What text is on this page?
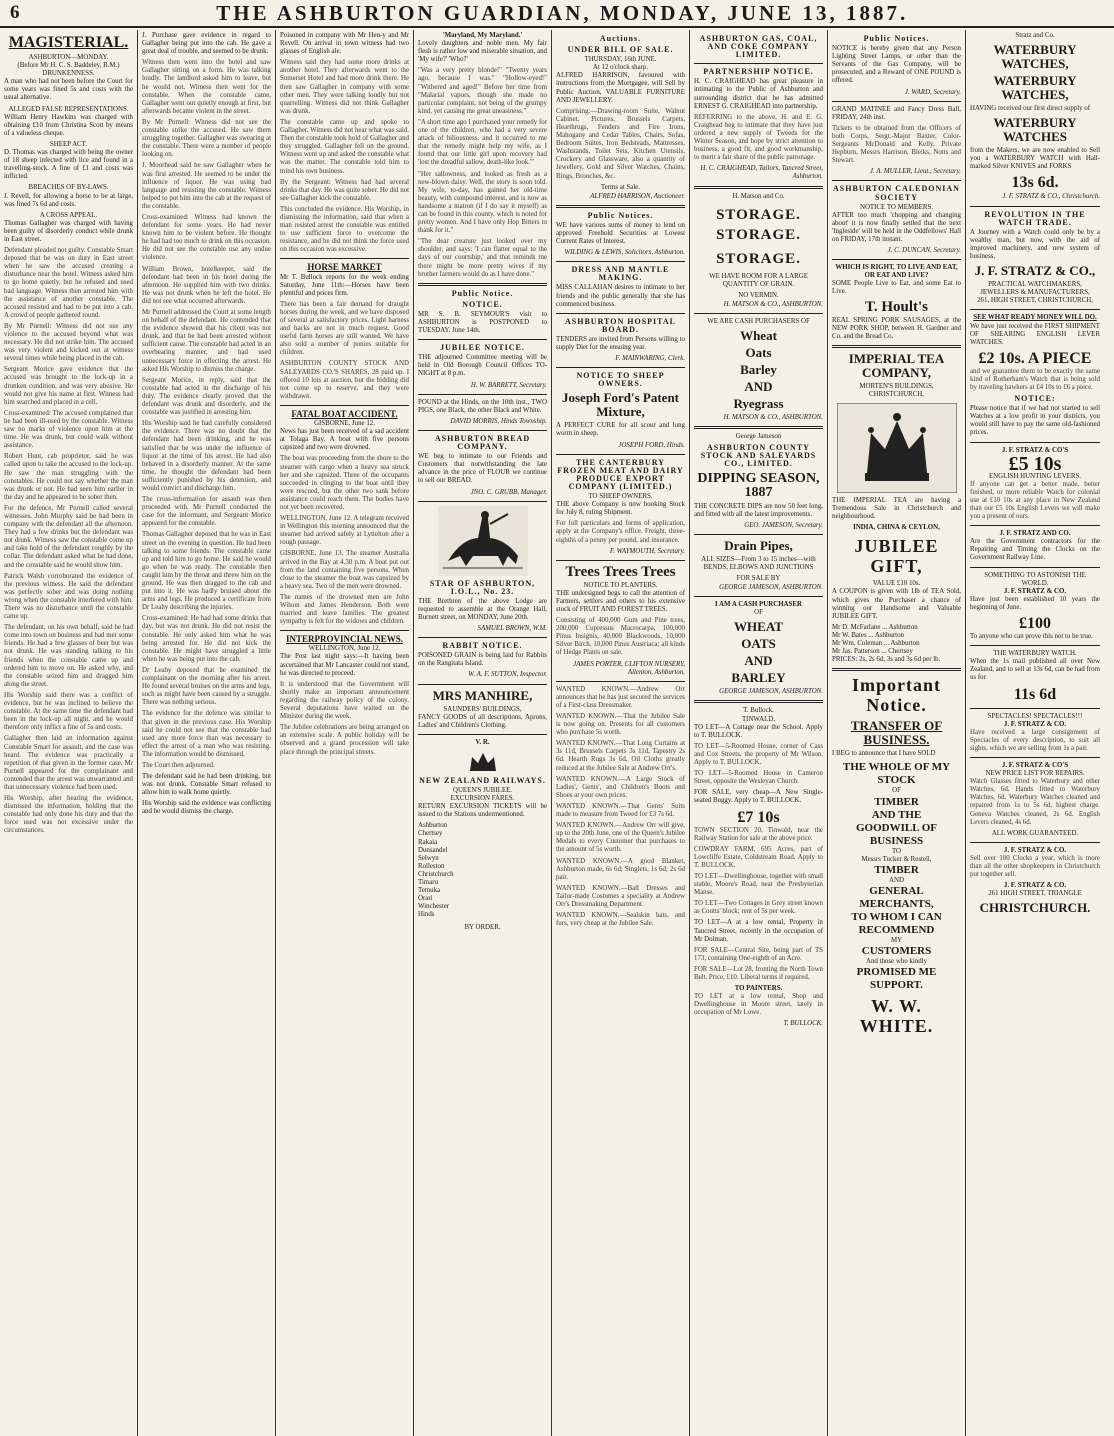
6	THE ASHBURTON GUARDIAN, MONDAY, JUNE 13, 1887.
MAGISTERIAL.
ASHBURTON—MONDAY.
(Before Mr H. C. S. Baddeley, R.M.)
DRUNKENNESS.

A man who had not been before the Court for some years was fined 5s and costs with the usual alternative.

ALLEGED FALSE REPRESENTATIONS.

William Henry Hawkins was charged with obtaining £10 from Christina Scott by means of a valueless cheque.

SHEEP ACT.

D. Thomas was charged with being the owner of 18 sheep infected with lice and found in a travelling-stock. A fine of £1 and costs was inflicted.

BREACHES OF BY-LAWS.

J. Revell, for allowing a horse to be at large, was fined 7s 6d and costs.

A CROSS APPEAL.

Thomas Gallagher was charged with having been guilty of disorderly conduct while drunk in East street.

Defendant pleaded not guilty. Constable Smart deposed that he was on duty in East street when he saw the accused creating a disturbance near the hotel. Witness asked him to go home quietly, but he refused and used bad language. Witness then arrested him with the assistance of another constable. The accused resisted and had to be put into a cab. A crowd of people gathered round.

By Mr Purnell: Witness did not use any violence to the accused beyond what was necessary. He did not strike him. The accused was very violent and kicked out at witness several times while being placed in the cab.

Sergeant Morice gave evidence that the accused was brought to the lock-up in a drunken condition, and was very abusive. He would not give his name at first. Witness had him searched and placed in a cell.

Cross-examined: The accused complained that he had been ill-used by the constable. Witness saw no marks of violence upon him at the time. He was drunk, but could walk without assistance.

Robert Hunt, cab proprietor, said he was called upon to take the accused to the lock-up. He saw the man struggling with the constables. He could not say whether the man was drunk or not. He had seen him earlier in the day and he appeared to be sober then.

For the defence, Mr Purnell called several witnesses. John Murphy said he had been in company with the defendant all the afternoon. They had a few drinks but the defendant was not drunk. Witness saw the constable come up and take hold of the defendant roughly by the collar. The defendant asked what he had done, and the constable said he would show him.

Patrick Walsh corroborated the evidence of the previous witness. He said the defendant was perfectly sober and was doing nothing wrong when the constable interfered with him. There was no disturbance until the constable came up.

The defendant, on his own behalf, said he had come into town on business and had met some friends. He had a few glasses of beer but was not drunk. He was standing talking to his friends when the constable came up and ordered him to move on. He asked why, and the constable seized him and dragged him along the street.

His Worship said there was a conflict of evidence, but he was inclined to believe the constable. At the same time the defendant had been in the lock-up all night, and he would therefore only inflict a fine of 5s and costs.

Gallagher then laid an information against Constable Smart for assault, and the case was heard. The evidence was practically a repetition of that given in the former case. Mr Purnell appeared for the complainant and contended that the arrest was unwarranted and that unnecessary violence had been used.

His Worship, after hearing the evidence, dismissed the information, holding that the constable had only done his duty and that the force used was not excessive under the circumstances.

J. Purchase gave evidence in regard to Gallagher being put into the cab. He gave a great deal of trouble, and seemed to be drunk.

Witness then went into the hotel and saw Gallagher sitting on a form. He was talking loudly. The landlord asked him to leave, but he would not. Witness then went for the constable. When the constable came, Gallagher went out quietly enough at first, but afterwards became violent in the street.

By Mr Purnell: Witness did not see the constable strike the accused. He saw them struggling together. Gallagher was swearing at the constable. There were a number of people looking on.

J. Moorhead said he saw Gallagher when he was first arrested. He seemed to be under the influence of liquor. He was using bad language and resisting the constable. Witness helped to put him into the cab at the request of the constable.

Cross-examined: Witness had known the defendant for some years. He had never known him to be violent before. He thought he had had too much to drink on this occasion. He did not see the constable use any undue violence.

William Brown, hotelkeeper, said the defendant had been in his hotel during the afternoon. He supplied him with two drinks. He was not drunk when he left the hotel. He did not see what occurred afterwards.

Mr Purnell addressed the Court at some length on behalf of the defendant. He contended that the evidence showed that his client was not drunk, and that he had been arrested without sufficient cause. The constable had acted in an overbearing manner, and had used unnecessary force in effecting the arrest. He asked His Worship to dismiss the charge.

Sergeant Morice, in reply, said that the constable had acted in the discharge of his duty. The evidence clearly proved that the defendant was drunk and disorderly, and the constable was justified in arresting him.

His Worship said he had carefully considered the evidence. There was no doubt that the defendant had been drinking, and he was satisfied that he was under the influence of liquor at the time of his arrest. He had also behaved in a disorderly manner. At the same time, he thought the defendant had been sufficiently punished by his detention, and would convict and discharge him.

The cross-information for assault was then proceeded with. Mr Purnell conducted the case for the informant, and Sergeant Morice appeared for the constable.

Thomas Gallagher deposed that he was in East street on the evening in question. He had been talking to some friends. The constable came up and told him to go home. He said he would go when he was ready. The constable then caught him by the throat and threw him on the ground. He was then dragged to the cab and put into it. He was badly bruised about the arms and legs. He produced a certificate from Dr Leahy describing the injuries.

Cross-examined: He had had some drinks that day, but was not drunk. He did not resist the constable. He only asked him what he was being arrested for. He did not kick the constable. He might have struggled a little when he was being put into the cab.

Dr Leahy deposed that he examined the complainant on the morning after his arrest. He found several bruises on the arms and legs, such as might have been caused by a struggle. There was nothing serious.

The evidence for the defence was similar to that given in the previous case. His Worship said he could not see that the constable had used any more force than was necessary to effect the arrest of a man who was resisting. The information would be dismissed.

The Court then adjourned.

The defendant said he had been drinking, but was not drunk. Constable Smart refused to allow him to walk home quietly.

His Worship said the evidence was conflicting and he would dismiss the charge.

Poisoned in company with Mr Hen-y and Mr Revell. On arrival in town witness had two glasses of English ale.

Witness said they had some more drinks at another hotel. They afterwards went to the Somerset Hotel and had more drink there. He then saw Gallagher in company with some other men. They were talking loudly but not quarrelling. Witness did not think Gallagher was drunk.

The constable came up and spoke to Gallagher. Witness did not hear what was said. Then the constable took hold of Gallagher and they struggled. Gallagher fell on the ground. Witness went up and asked the constable what was the matter. The constable told him to mind his own business.

By the Sergeant: Witness had had several drinks that day. He was quite sober. He did not see Gallagher kick the constable.

This concluded the evidence. His Worship, in dismissing the information, said that when a man resisted arrest the constable was entitled to use sufficient force to overcome the resistance, and he did not think the force used on this occasion was excessive.

HORSE MARKET

Mr T. Bullock reports for the week ending Saturday, June 11th:—Horses have been plentiful and prices firm.

There has been a fair demand for draught horses during the week, and we have disposed of several at satisfactory prices. Light harness and hacks are not in much request. Good useful farm horses are still wanted. We have also sold a number of ponies suitable for children.

ASHBURTON COUNTY STOCK AND SALEYARDS CO.'S SHARES, 28 paid up. I offered 10 lots at auction, but the bidding did not come up to reserve, and they were withdrawn.

FATAL BOAT ACCIDENT.
GISBORNE, June 12.

News has just been received of a sad accident at Tolaga Bay. A boat with five persons capsized and two were drowned.

The boat was proceeding from the shore to the steamer with cargo when a heavy sea struck her and she capsized. Three of the occupants succeeded in clinging to the boat until they were rescued, but the other two sank before assistance could reach them. The bodies have not yet been recovered.

WELLINGTON, June 12. A telegram received in Wellington this morning announced that the steamer had arrived safely at Lyttelton after a rough passage.

GISBORNE, June 13. The steamer Australia arrived in the Bay at 4.30 p.m. A boat put out from the land containing five persons. When close to the steamer the boat was capsized by a heavy sea. Two of the men were drowned.

The names of the drowned men are John Wilson and James Henderson. Both were married and leave families. The greatest sympathy is felt for the widows and children.

INTERPROVINCIAL NEWS.
WELLINGTON, June 12.

The Post last night says:—It having been ascertained that Mr Lancaster could not stand, he was directed to proceed.

It is understood that the Government will shortly make an important announcement regarding the railway policy of the colony. Several deputations have waited on the Minister during the week.

The Jubilee celebrations are being arranged on an extensive scale. A public holiday will be observed and a grand procession will take place through the principal streets.

'Maryland, My Maryland.'

Lovely daughters and noble men. My fair flesh is rather low and miserable situation, and 'My wife?' 'Who?'

"Was a very pretty blonde!" "Twenty years ago, because I was." "Hollow-eyed!" "Withered and aged!" Before her time from "Malarial vapors, though she made no particular complaint, not being of the grumpy kind, yet causing me great uneasiness."

"A short time ago I purchased your remedy for one of the children, who had a very severe attack of biliousness, and it occurred to me that the remedy might help my wife, as I found that our little girl upon recovery had 'lost the dreadful sallow, death-like look.'"

"Her sallowness, and looked as fresh as a new-blown daisy. Well, the story is soon told. My wife, to-day, has gained her old-time beauty, with compound interest, and is now as handsome a matron (if I do say it myself) as can be found in this county, which is noted for pretty women. And I have only Hop Bitters to thank for it."

"The dear creature just looked over my shoulder, and says: 'I can flatter equal to the days of our courtship,' and that reminds me there might be more pretty wives if my brother farmers would do as I have done."

Public Notice.
NOTICE.

MR S. B. SEYMOUR'S visit to ASHBURTON is POSTPONED to TUESDAY, June 14th.

JUBILEE NOTICE.

THE adjourned Committee meeting will be held in Old Borough Council Offices TO-NIGHT at 8 p.m.

H. W. BARRETT, Secretary.

POUND at the Hinds, on the 10th inst., TWO PIGS, one Black, the other Black and White.

DAVID MORRIS, Hinds Township.
ASHBURTON BREAD COMPANY.

WE beg to intimate to our Friends and Customers that notwithstanding the late advance in the price of FLOUR we continue to sell our BREAD.

JNO. C. GRUBB, Manager.
STAR OF ASHBURTON, I.O.L., No. 23.

THE Brethren of the above Lodge are requested to assemble at the Orange Hall, Burnett street, on MONDAY, June 20th.

SAMUEL BROWN, W.M.
RABBIT NOTICE.

POISONED GRAIN is being laid for Rabbits on the Rangitata Island.

W. A. F. SUTTON, Inspector.
MRS MANHIRE,
SAUNDERS' BUILDINGS,

FANCY GOODS of all descriptions, Aprons, Ladies' and Children's Clothing.

V. R.
NEW ZEALAND RAILWAYS.
QUEEN'S JUBILEE.
EXCURSION FARES.

RETURN EXCURSION TICKETS will be issued to the Stations undermentioned.

Ashburton
Chertsey
Rakaia
Dunsandel
Selwyn
Rolleston
Christchurch
Timaru
Temuka
Orari
Winchester
Hinds
BY ORDER.
Auctions.
UNDER BILL OF SALE.
THURSDAY, 16th JUNE.
At 12 o'clock sharp.

ALFRED HARRISON, favoured with instructions from the Mortgagee, will Sell by Public Auction, VALUABLE FURNITURE AND JEWELLERY.

Comprising:—Drawing-room Suite, Walnut Cabinet, Pictures, Brussels Carpets, Hearthrugs, Fenders and Fire Irons, Mahogany and Cedar Tables, Chairs, Sofas, Bedroom Suites, Iron Bedsteads, Mattresses, Washstands, Toilet Sets, Kitchen Utensils, Crockery and Glassware, also a quantity of Jewellery, Gold and Silver Watches, Chains, Rings, Brooches, &c.

Terms at Sale.
ALFRED HARRISON, Auctioneer.
Public Notices.

WE have various sums of money to lend on approved Freehold Securities at Lowest Current Rates of Interest.

WILDING & LEWIS, Solicitors, Ashburton.
DRESS AND MANTLE MAKING.

MISS CALLAHAN desires to intimate to her friends and the public generally that she has commenced business.

ASHBURTON HOSPITAL BOARD.

TENDERS are invited from Persons willing to supply Diet for the ensuing year.

F. MAINWARING, Clerk.
NOTICE TO SHEEP OWNERS.
Joseph Ford's Patent Mixture,

A PERFECT CURE for all scour and lung worm in sheep.

JOSEPH FORD, Hinds.
THE CANTERBURY FROZEN MEAT AND DAIRY PRODUCE EXPORT COMPANY (LIMITED.)
TO SHEEP OWNERS.

THE above Company is now booking Stock for July 8, ruling Shipment.

For full particulars and forms of application, apply at the Company's office. Freight, three-eighths of a penny per pound, and insurance.

F. WAYMOUTH, Secretary.
Trees Trees Trees
NOTICE TO PLANTERS.

THE undersigned begs to call the attention of Farmers, settlers and others to his extensive stock of FRUIT AND FOREST TREES.

Consisting of 400,000 Gum and Pine trees, 200,000 Cupressus Macrocarpa, 100,000 Pinus Insignis, 40,000 Blackwoods, 10,000 Silver Birch, 10,000 Pinus Austriaca; all kinds of Hedge Plants on sale.

JAMES PORTER, CLIFTON NURSERY, Allenton, Ashburton.

WANTED KNOWN.—Andrew Orr announces that he has just secured the services of a First-class Dressmaker.

WANTED KNOWN.—That the Jubilee Sale is now going on. Presents for all customers who purchase 5s worth.

WANTED KNOWN.—That Long Curtains at 3s 11d, Brussels Carpets 3s 11d, Tapestry 2s 6d. Hearth Rugs 3s 6d, Oil Cloths greatly reduced at the Jubilee Sale at Andrew Orr's.

WANTED KNOWN.—A Large Stock of Ladies', Gents', and Children's Boots and Shoes at your own prices.

WANTED KNOWN.—That Gents' Suits made to measure from Tweed for £3 7s 6d.

WANTED KNOWN.—Andrew Orr will give, up to the 20th June, one of the Queen's Jubilee Medals to every Customer that purchases to the amount of 5s worth.

WANTED KNOWN.—A good Blanket, Ashburton made, 6s 6d; Singlets, 1s 6d; 2s 6d pair.

WANTED KNOWN.—Ball Dresses and Tailor-made Costumes a speciality at Andrew Orr's Dressmaking Department.

WANTED KNOWN.—Sealskin hats, and furs, very cheap at the Jubilee Sale.

ASHBURTON GAS, COAL, AND COKE COMPANY LIMITED.
PARTNERSHIP NOTICE.

H. C. CRAIGHEAD has great pleasure in intimating to the Public of Ashburton and surrounding district that he has admitted ERNEST G. CRAIGHEAD into partnership.

REFERRING to the above, H. and E. G. Craighead beg to intimate that they have just ordered a new supply of Tweeds for the Winter Season, and hope by strict attention to business, a good fit, and good workmanship, to merit a fair share of the public patronage.

H. C. CRAIGHEAD, Tailors, Tancred Street, Ashburton.
H. Matson and Co.
STORAGE. STORAGE.
STORAGE.

WE HAVE ROOM FOR A LARGE QUANTITY OF GRAIN.

NO VERMIN.
H. MATSON & CO., ASHBURTON.
WE ARE CASH PURCHASERS OF
Wheat
Oats
Barley
AND
Ryegrass
H. MATSON & CO., ASHBURTON.
George Jameson
ASHBURTON COUNTY STOCK AND SALEYARDS CO., LIMITED.
DIPPING SEASON, 1887

THE CONCRETE DIPS are now 50 feet long, and fitted with all the latest improvements.

GEO. JAMESON, Secretary.
Drain Pipes,

ALL SIZES—From 3 to 15 inches—with BENDS, ELBOWS AND JUNCTIONS

FOR SALE BY
GEORGE JAMESON, ASHBURTON.
I AM A CASH PURCHASER
OF
WHEAT
OATS
AND
BARLEY
GEORGE JAMESON, ASHBURTON.
T. Bullock.
TINWALD,

TO LET—A Cottage near the School. Apply to T. BULLOCK.

TO LET—5-Roomed House, corner of Cass and Cox Streets, the property of Mr Wilson. Apply to T. BULLOCK.

TO LET—5-Roomed House in Cameron Street, opposite the Wesleyan Church.

FOR SALE, very cheap—A New Single-seated Buggy. Apply to T. BULLOCK.

£7 10s

TOWN SECTION 20, Tinwald, near the Railway Station for sale at the above price.

COWDRAY FARM, 695 Acres, part of Lowcliffe Estate, Coldstream Road. Apply to T. BULLOCK.

TO LET—Dwellinghouse, together with small stable, Moore's Road, near the Presbyterian Manse.

TO LET—Two Cottages in Grey street known as Coutts' block; rent of 5s per week.

TO LET—A at a low rental, Property in Tancred Street, recently in the occupation of Mr Dolman.

FOR SALE—Central Site, being part of TS 173, containing One-eighth of an Acre.

FOR SALE—Lot 28, fronting the North Town Belt. Price, £10. Liberal terms if required.

TO PAINTERS.

TO LET at a low rental, Shop and Dwellinghouse in Moore street, lately in occupation of Mr Lowe.

T. BULLOCK.
Public Notices.

NOTICE is hereby given that any Person Lighting Street Lamps, or other than the Servants of the Gas Company, will be prosecuted, and a Reward of ONE POUND is offered.

J. WARD, Secretary.

GRAND MATINEE and Fancy Dress Ball, FRIDAY, 24th inst.

Tickets to be obtained from the Officers of both Corps, Sergt.-Major Baxter, Color-Sergeants McDonald and Kelly, Private Hepburn, Messrs Harrison, Bleiks, Notts and Stewart.

J. A. MULLER, Lieut., Secretary.
ASHBURTON CALEDONIAN SOCIETY
NOTICE TO MEMBERS.

AFTER too much 'chopping and changing about' it is now finally settled that the next 'Ingleside' will be held in the Oddfellows' Hall on FRIDAY, 17th instant.

J. C. DUNCAN, Secretary.
WHICH IS RIGHT, TO LIVE AND EAT, OR EAT AND LIVE?

SOME People Live to Eat, and some Eat to Live.

T. Hoult's

REAL SPRING PORK SAUSAGES, at the NEW PORK SHOP, between H. Gardner and Co. and the Bread Co.

IMPERIAL TEA COMPANY,
MORTEN'S BUILDINGS, CHRISTCHURCH,

THE IMPERIAL TEA are having a Tremendous Sale in Christchurch and neighbourhood.

INDIA, CHINA & CEYLON,
JUBILEE GIFT,
VALUE £10 10s.

A COUPON is given with 1lb of TEA Sold, which gives the Purchaser a chance of winning our Handsome and Valuable JUBILEE GIFT.

Mr D. McFarlane ... Ashburton
Mr W. Bates ... Ashburton
Mr Wm. Coleman ... Ashburton
Mr Jas. Patterson ... Chertsey

PRICES: 2s, 2s 6d, 3s and 3s 6d per lb.

Important Notice.
TRANSFER OF BUSINESS.

I BEG to announce that I have SOLD

THE WHOLE OF MY STOCK
OF
TIMBER
AND THE
GOODWILL OF BUSINESS
TO
Messrs Tucker & Restell,
TIMBER
AND
GENERAL MERCHANTS,
TO WHOM I CAN
RECOMMEND
MY
CUSTOMERS
And those who kindly
PROMISED ME SUPPORT.
W. W. WHITE.
Stratz and Co.
WATERBURY WATCHES,
WATERBURY WATCHES,

HAVING received our first direct supply of

WATERBURY WATCHES

from the Makers, we are now enabled to Sell you a WATERBURY WATCH with Hall-marked Silver KNIVES and FORKS

13s 6d.
J. F. STRATZ & CO., Christchurch.
REVOLUTION IN THE WATCH TRADE.

A Journey with a Watch could only be by a wealthy man, but now, with the aid of improved machinery, and new system of business,

J. F. STRATZ & CO.,
PRACTICAL WATCHMAKERS, JEWELLERS & MANUFACTURERS,
261, HIGH STREET, CHRISTCHURCH,
SEE WHAT READY MONEY WILL DO.

We have just received the FIRST SHIPMENT OF SHEARING ENGLISH LEVER WATCHES.

£2 10s. A PIECE

and we guarantee them to be exactly the same kind of Rotherham's Watch that is being sold by traveling hawkers at £4 10s to £6 a piece.

NOTICE:

Please notice that if we had not started to sell Watches at a low profit in your districts, you would still have to pay the same old-fashioned prices.

J. F. STRATZ & CO'S
£5 10s
ENGLISH HUNTING LEVERS.

If anyone can get a better made, better finished, or more reliable Watch for colonial use at £10 10s at any place in New Zealand than our £5 10s English Levers we will make you a present of ours.

J. F. STRATZ AND CO.

Are the Government contractors for the Repairing and Timing the Clocks on the Government Railway Line.

SOMETHING TO ASTONISH THE WORLD.
J. F. STRATZ & CO.

Have just been established 10 years the beginning of June.

£100

To anyone who can prove this not to be true.

THE WATERBURY WATCH.

When the 1s mail published all over New Zealand, and to sell at 13s 6d, can be had from us for

11s 6d
SPECTACLES! SPECTACLES!!!
J. F. STRATZ & CO.

Have received a large consignment of Spectacles of every description, to suit all sights, which we are selling from 1s a pair.

J. F. STRATZ & CO'S
NEW PRICE LIST FOR REPAIRS.

Watch Glasses fitted to Waterbury and other Watches, 6d. Hands fitted to Waterbury Watches, 6d. Waterbury Watches cleaned and repaired from 1s to 5s 6d, highest charge. Geneva Watches cleaned, 2s 6d. English Levers cleaned, 4s 6d.

ALL WORK GUARANTEED.
J. F. STRATZ & CO.

Sell over 100 Clocks a year, which is more than all the other shopkeepers in Christchurch put together sell.

J. F. STRATZ & CO.
261 HIGH STREET, TRIANGLE
CHRISTCHURCH.
